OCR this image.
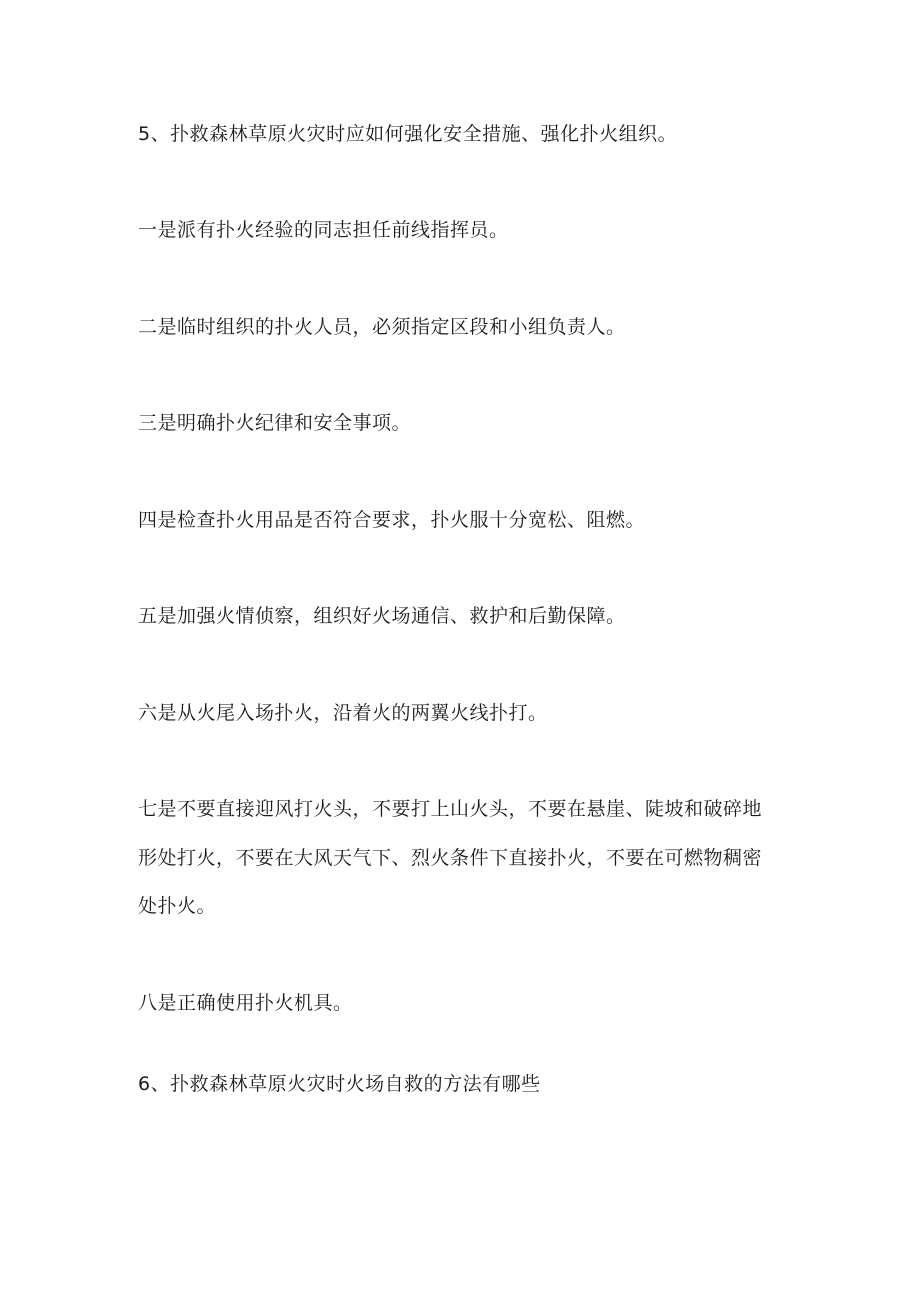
5、扑救森林草原火灾时应如何强化安全措施、强化扑火组织。

一是派有扑火经验的同志担任前线指挥员。

二是临时组织的扑火人员，必须指定区段和小组负责人。

三是明确扑火纪律和安全事项。

四是检查扑火用品是否符合要求，扑火服十分宽松、阻燃。

五是加强火情侦察，组织好火场通信、救护和后勤保障。

六是从火尾入场扑火，沿着火的两翼火线扑打。

七是不要直接迎风打火头，不要打上山火头，不要在悬崖、陡坡和破碎地

形处打火，不要在大风天气下、烈火条件下直接扑火，不要在可燃物稠密

处扑火。

八是正确使用扑火机具。

6、扑救森林草原火灾时火场自救的方法有哪些
